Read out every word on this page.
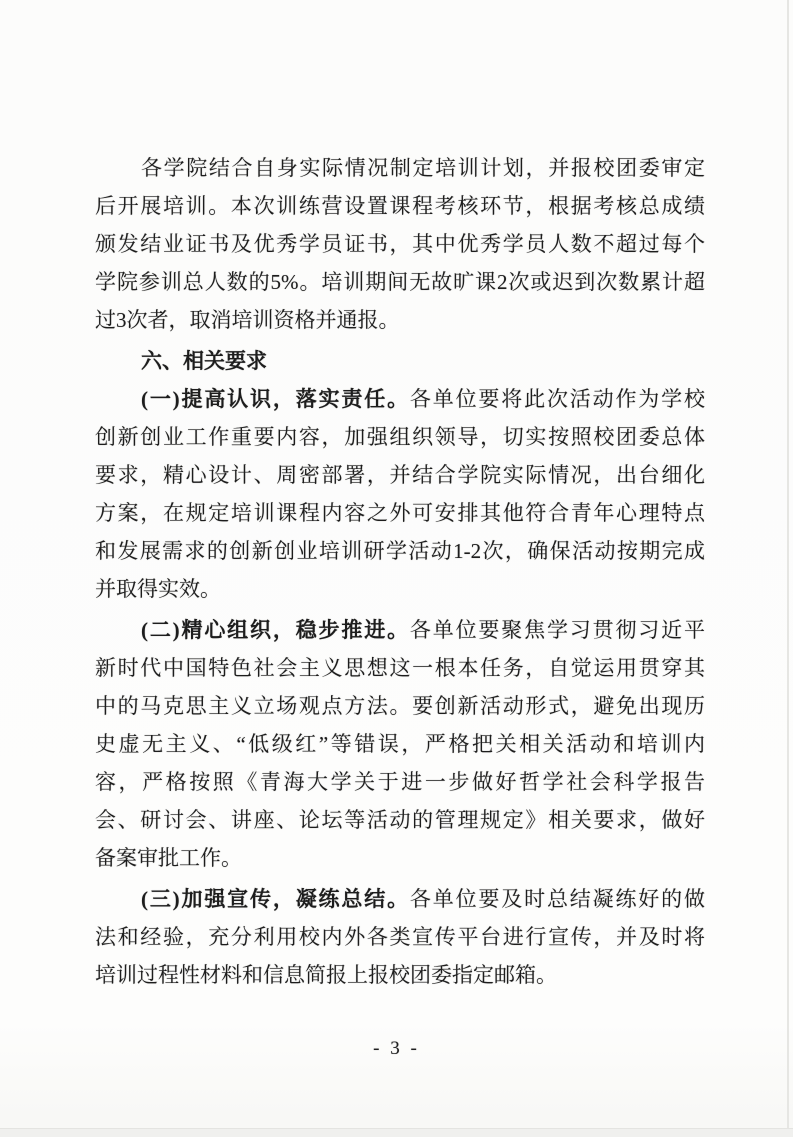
各学院结合自身实际情况制定培训计划，并报校团委审定
后开展培训。本次训练营设置课程考核环节，根据考核总成绩
颁发结业证书及优秀学员证书，其中优秀学员人数不超过每个
学院参训总人数的5%。培训期间无故旷课2次或迟到次数累计超
过3次者，取消培训资格并通报。
六、相关要求
(一)提高认识，落实责任。各单位要将此次活动作为学校
创新创业工作重要内容，加强组织领导，切实按照校团委总体
要求，精心设计、周密部署，并结合学院实际情况，出台细化
方案，在规定培训课程内容之外可安排其他符合青年心理特点
和发展需求的创新创业培训研学活动1-2次，确保活动按期完成
并取得实效。
(二)精心组织，稳步推进。各单位要聚焦学习贯彻习近平
新时代中国特色社会主义思想这一根本任务，自觉运用贯穿其
中的马克思主义立场观点方法。要创新活动形式，避免出现历
史虚无主义、“低级红”等错误，严格把关相关活动和培训内
容，严格按照《青海大学关于进一步做好哲学社会科学报告
会、研讨会、讲座、论坛等活动的管理规定》相关要求，做好
备案审批工作。
(三)加强宣传，凝练总结。各单位要及时总结凝练好的做
法和经验，充分利用校内外各类宣传平台进行宣传，并及时将
培训过程性材料和信息简报上报校团委指定邮箱。
- 3 -
